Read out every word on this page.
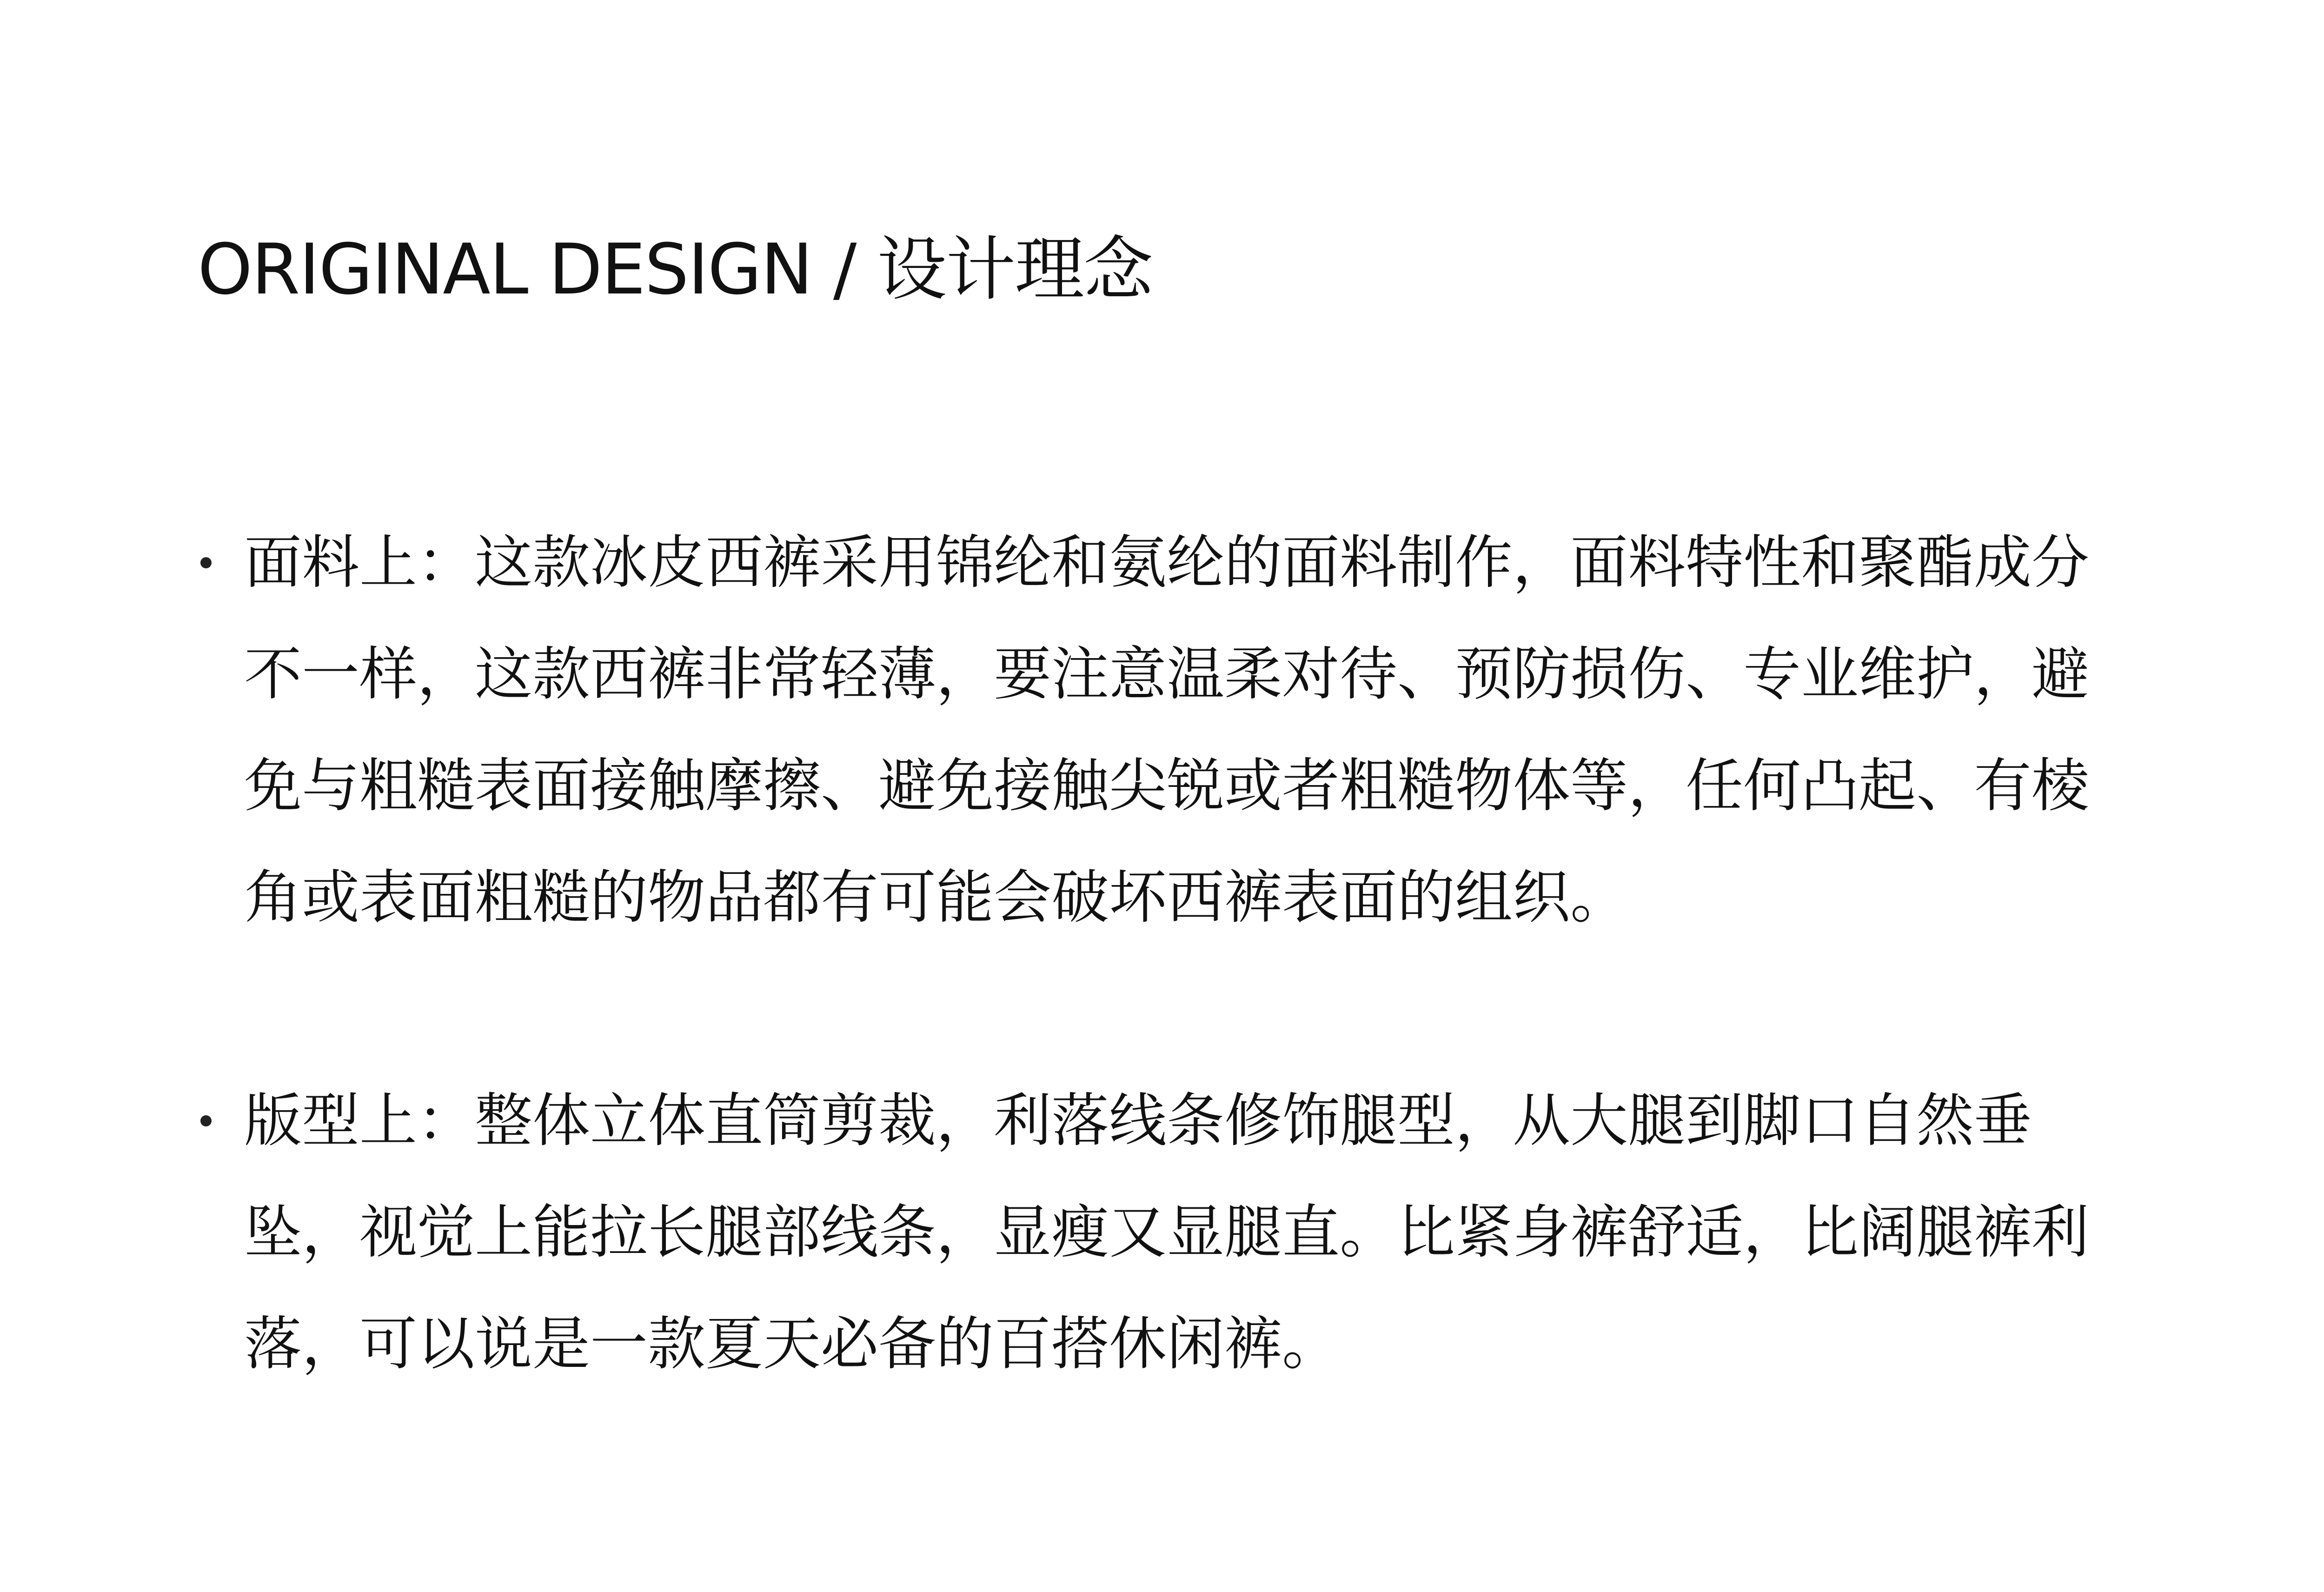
ORIGINAL DESIGN / 设计理念
面料上：这款冰皮西裤采用锦纶和氨纶的面料制作，面料特性和聚酯成分不一样，这款西裤非常轻薄，要注意温柔对待、预防损伤、专业维护，避免与粗糙表面接触摩擦、避免接触尖锐或者粗糙物体等，任何凸起、有棱角或表面粗糙的物品都有可能会破坏西裤表面的组织。
版型上：整体立体直筒剪裁，利落线条修饰腿型，从大腿到脚口自然垂坠，视觉上能拉长腿部线条，显瘦又显腿直。比紧身裤舒适，比阔腿裤利落，可以说是一款夏天必备的百搭休闲裤。
